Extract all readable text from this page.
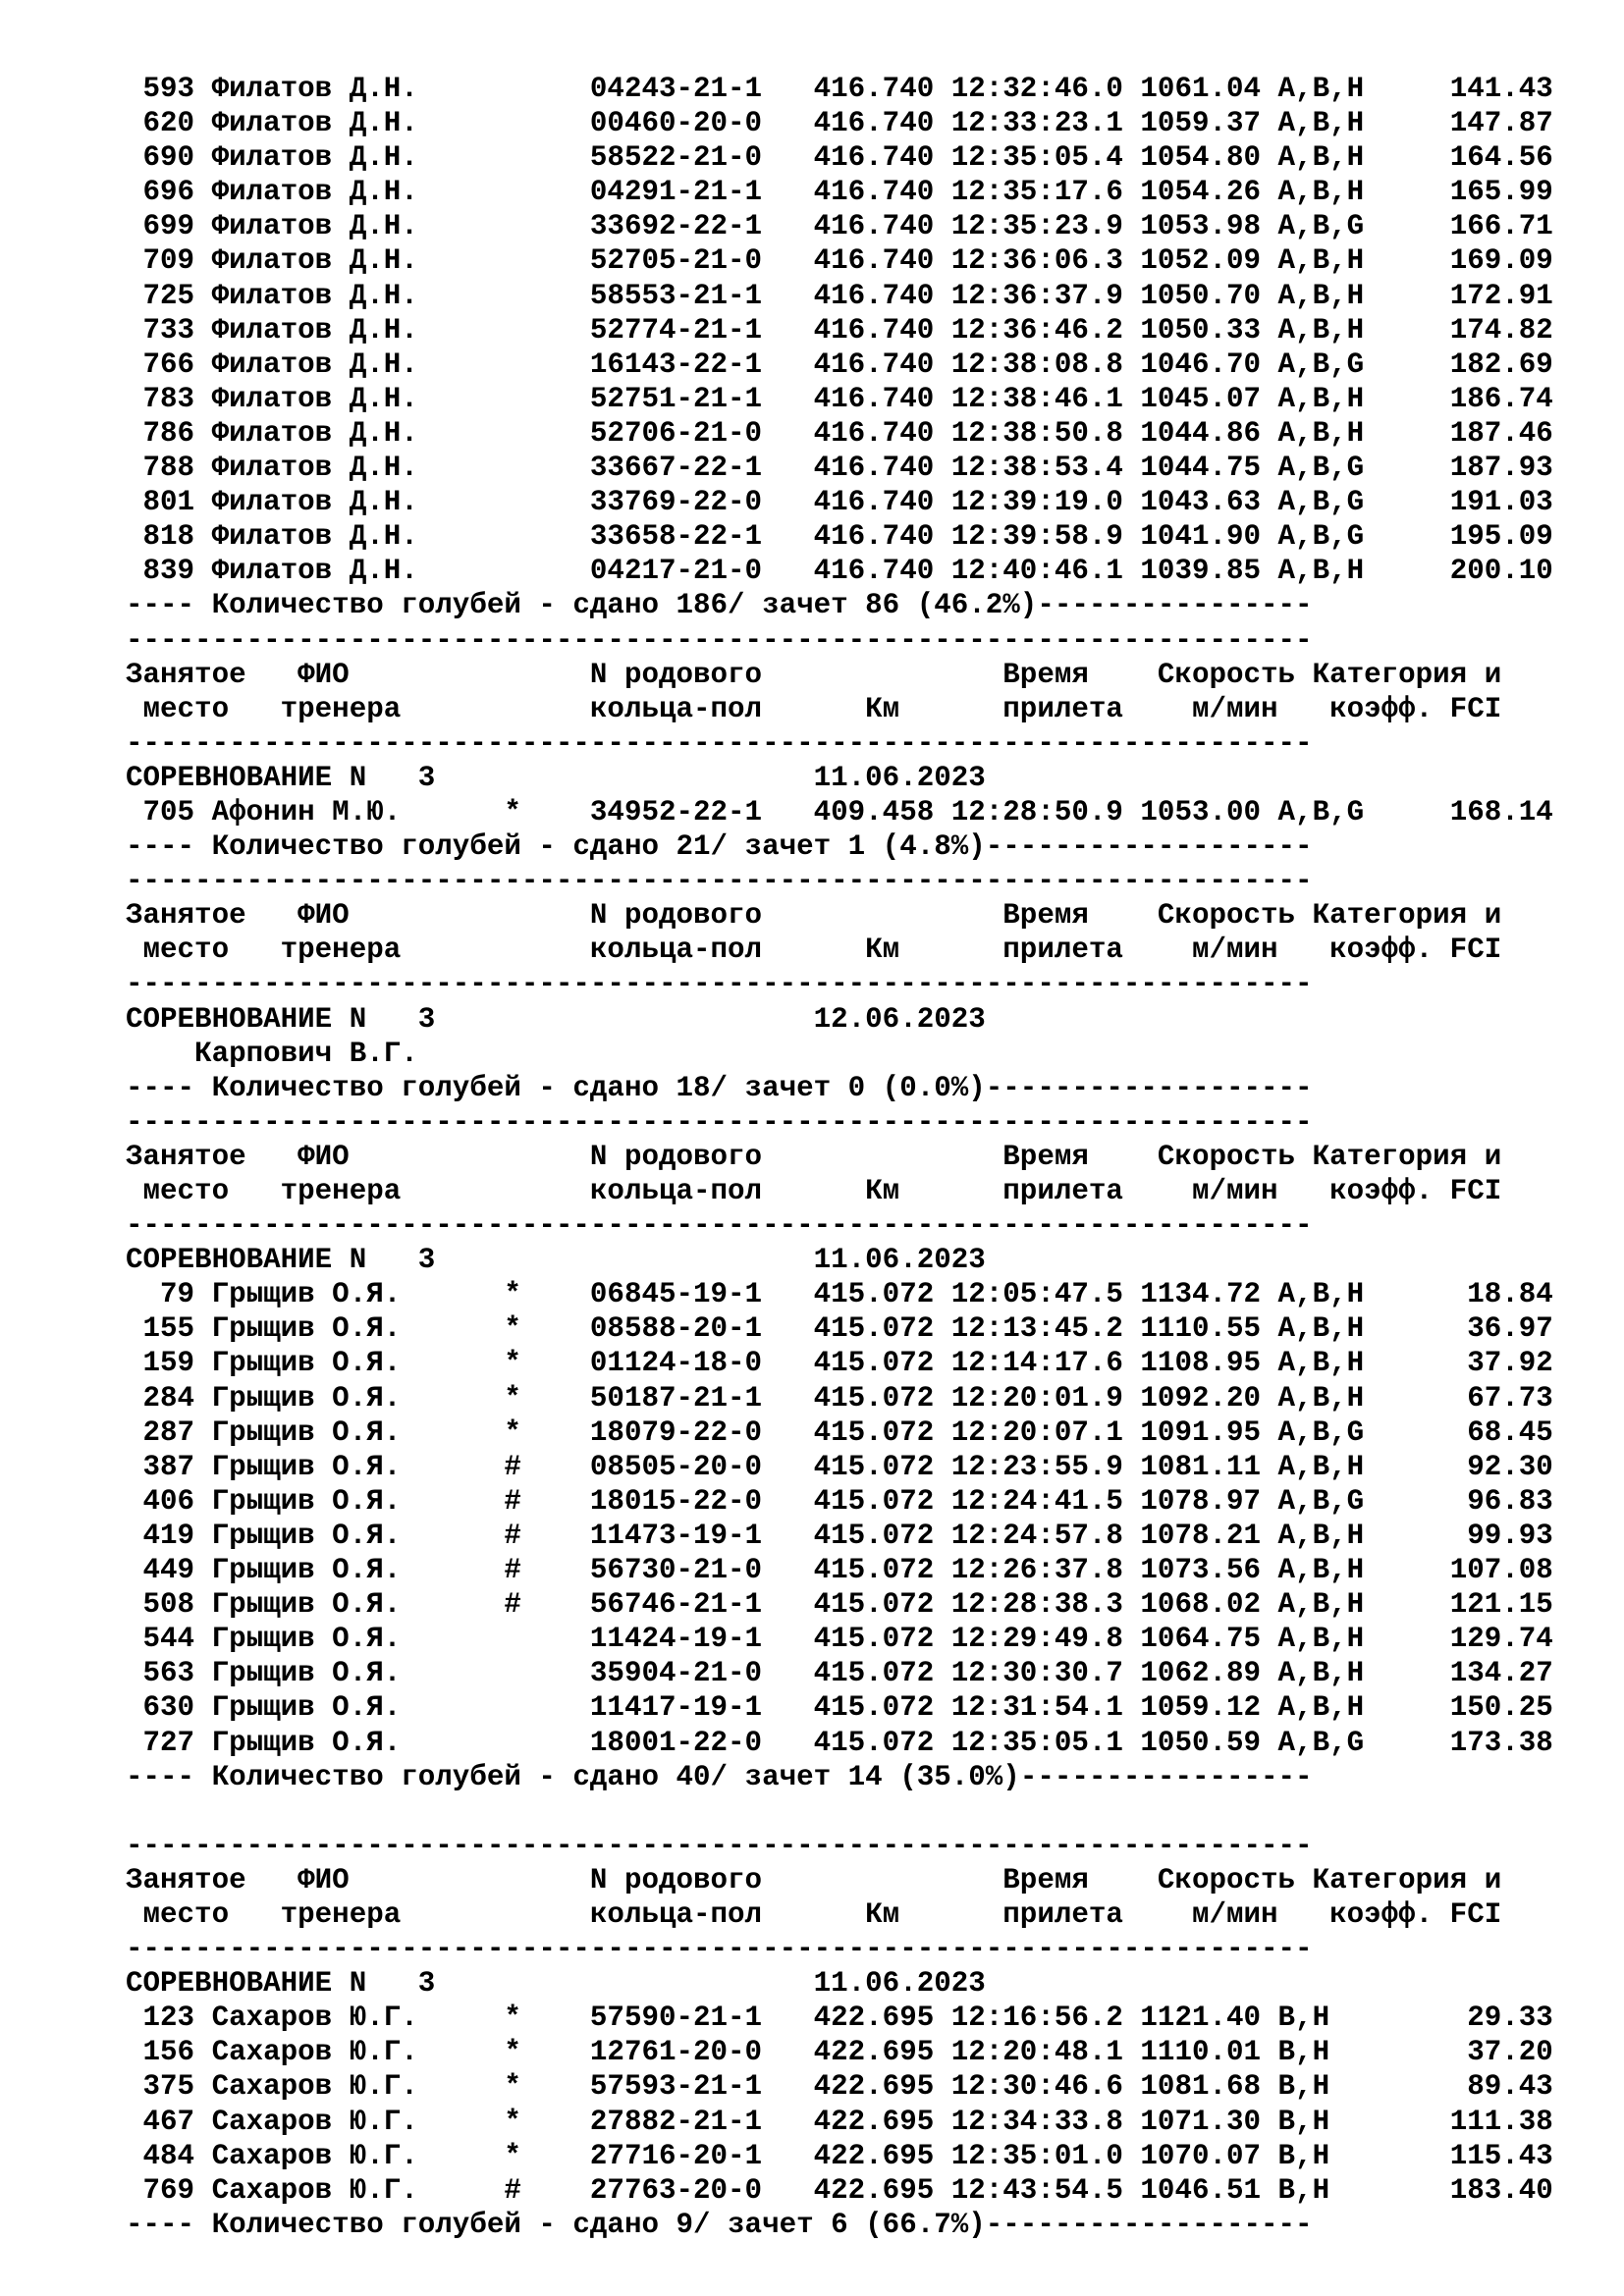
593 Филатов Д.Н.	04243-21-1 416.740 12:32:46.0 1061.04 A,B,H     141.43
620 Филатов Д.Н.	00460-20-0 416.740 12:33:23.1 1059.37 A,B,H     147.87
690 Филатов Д.Н.	58522-21-0 416.740 12:35:05.4 1054.80 A,B,H     164.56
696 Филатов Д.Н.	04291-21-1 416.740 12:35:17.6 1054.26 A,B,H     165.99
699 Филатов Д.Н.	33692-22-1 416.740 12:35:23.9 1053.98 A,B,G     166.71
709 Филатов Д.Н.	52705-21-0 416.740 12:36:06.3 1052.09 A,B,H     169.09
725 Филатов Д.Н.	58553-21-1 416.740 12:36:37.9 1050.70 A,B,H     172.91
733 Филатов Д.Н.	52774-21-1 416.740 12:36:46.2 1050.33 A,B,H     174.82
766 Филатов Д.Н.	16143-22-1 416.740 12:38:08.8 1046.70 A,B,G     182.69
783 Филатов Д.Н.	52751-21-1 416.740 12:38:46.1 1045.07 A,B,H     186.74
786 Филатов Д.Н.	52706-21-0 416.740 12:38:50.8 1044.86 A,B,H     187.46
788 Филатов Д.Н.	33667-22-1 416.740 12:38:53.4 1044.75 A,B,G     187.93
801 Филатов Д.Н.	33769-22-0 416.740 12:39:19.0 1043.63 A,B,G     191.03
818 Филатов Д.Н.	33658-22-1 416.740 12:39:58.9 1041.90 A,B,G     195.09
839 Филатов Д.Н.	04217-21-0 416.740 12:40:46.1 1039.85 A,B,H     200.10
---- Количество голубей - сдано 186/ зачет 86 (46.2%)----------------
---------------------------------------------------------------------
Занятое   ФИО              N родового              Время    Скорость Категория и
место   тренера           кольца-пол      Км      прилета    м/мин   коэфф. FCI
---------------------------------------------------------------------
СОРЕВНОВАНИЕ N   3                      11.06.2023
705 Афонин М.Ю.	* 34952-22-1 409.458 12:28:50.9 1053.00 A,B,G     168.14
---- Количество голубей - сдано 21/ зачет 1 (4.8%)-------------------
---------------------------------------------------------------------
Занятое   ФИО              N родового              Время    Скорость Категория и
место   тренера           кольца-пол      Км      прилета    м/мин   коэфф. FCI
---------------------------------------------------------------------
СОРЕВНОВАНИЕ N   3                      12.06.2023
Карпович В.Г.
---- Количество голубей - сдано 18/ зачет 0 (0.0%)-------------------
---------------------------------------------------------------------
Занятое   ФИО              N родового              Время    Скорость Категория и
место   тренера           кольца-пол      Км      прилета    м/мин   коэфф. FCI
---------------------------------------------------------------------
СОРЕВНОВАНИЕ N   3                      11.06.2023
79 Грыщив О.Я.	* 06845-19-1 415.072 12:05:47.5 1134.72 A,B,H      18.84
155 Грыщив О.Я.	* 08588-20-1 415.072 12:13:45.2 1110.55 A,B,H      36.97
159 Грыщив О.Я.	* 01124-18-0 415.072 12:14:17.6 1108.95 A,B,H      37.92
284 Грыщив О.Я.	* 50187-21-1 415.072 12:20:01.9 1092.20 A,B,H      67.73
287 Грыщив О.Я.	* 18079-22-0 415.072 12:20:07.1 1091.95 A,B,G      68.45
387 Грыщив О.Я.	# 08505-20-0 415.072 12:23:55.9 1081.11 A,B,H      92.30
406 Грыщив О.Я.	# 18015-22-0 415.072 12:24:41.5 1078.97 A,B,G      96.83
419 Грыщив О.Я.	# 11473-19-1 415.072 12:24:57.8 1078.21 A,B,H      99.93
449 Грыщив О.Я.	# 56730-21-0 415.072 12:26:37.8 1073.56 A,B,H     107.08
508 Грыщив О.Я.	# 56746-21-1 415.072 12:28:38.3 1068.02 A,B,H     121.15
544 Грыщив О.Я.	11424-19-1 415.072 12:29:49.8 1064.75 A,B,H     129.74
563 Грыщив О.Я.	35904-21-0 415.072 12:30:30.7 1062.89 A,B,H     134.27
630 Грыщив О.Я.	11417-19-1 415.072 12:31:54.1 1059.12 A,B,H     150.25
727 Грыщив О.Я.	18001-22-0 415.072 12:35:05.1 1050.59 A,B,G     173.38
---- Количество голубей - сдано 40/ зачет 14 (35.0%)-----------------
---------------------------------------------------------------------
Занятое   ФИО              N родового              Время    Скорость Категория и
место   тренера           кольца-пол      Км      прилета    м/мин   коэфф. FCI
---------------------------------------------------------------------
СОРЕВНОВАНИЕ N   3                      11.06.2023
123 Сахаров Ю.Г.	* 57590-21-1 422.695 12:16:56.2 1121.40 B,H        29.33
156 Сахаров Ю.Г.	* 12761-20-0 422.695 12:20:48.1 1110.01 B,H        37.20
375 Сахаров Ю.Г.	* 57593-21-1 422.695 12:30:46.6 1081.68 B,H        89.43
467 Сахаров Ю.Г.	* 27882-21-1 422.695 12:34:33.8 1071.30 B,H       111.38
484 Сахаров Ю.Г.	* 27716-20-1 422.695 12:35:01.0 1070.07 B,H       115.43
769 Сахаров Ю.Г.	# 27763-20-0 422.695 12:43:54.5 1046.51 B,H       183.40
---- Количество голубей - сдано 9/ зачет 6 (66.7%)-------------------
